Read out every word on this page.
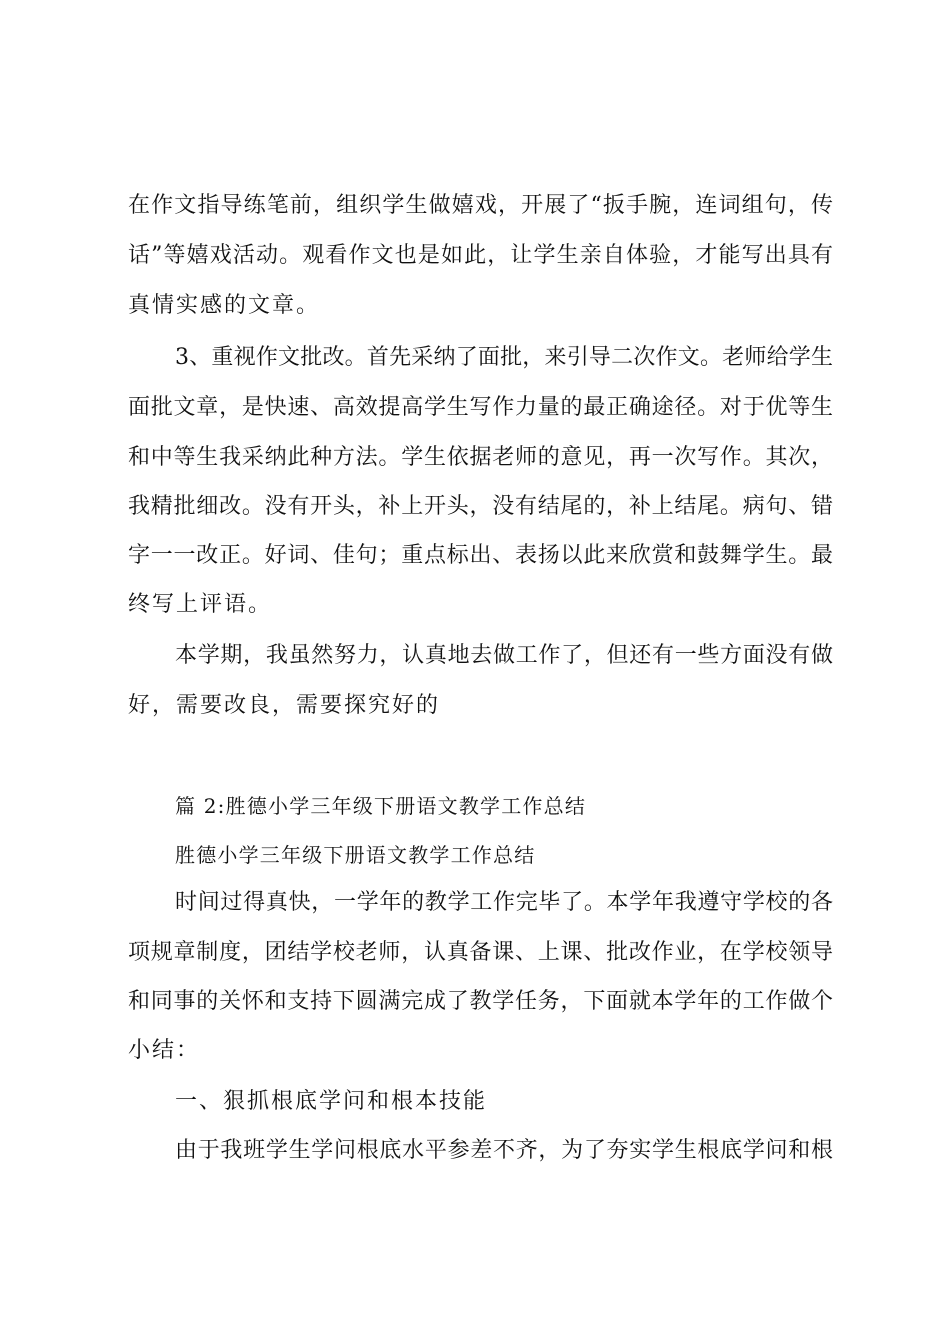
在作文指导练笔前，组织学生做嬉戏，开展了“扳手腕，连词组句，传
话”等嬉戏活动。观看作文也是如此，让学生亲自体验，才能写出具有
真情实感的文章。
3、重视作文批改。首先采纳了面批，来引导二次作文。老师给学生
面批文章，是快速、高效提高学生写作力量的最正确途径。对于优等生
和中等生我采纳此种方法。学生依据老师的意见，再一次写作。其次，
我精批细改。没有开头，补上开头，没有结尾的，补上结尾。病句、错
字一一改正。好词、佳句；重点标出、表扬以此来欣赏和鼓舞学生。最
终写上评语。
本学期，我虽然努力，认真地去做工作了，但还有一些方面没有做
好，需要改良，需要探究好的
篇 2:胜德小学三年级下册语文教学工作总结
胜德小学三年级下册语文教学工作总结
时间过得真快，一学年的教学工作完毕了。本学年我遵守学校的各
项规章制度，团结学校老师，认真备课、上课、批改作业，在学校领导
和同事的关怀和支持下圆满完成了教学任务，下面就本学年的工作做个
小结：
一、狠抓根底学问和根本技能
由于我班学生学问根底水平参差不齐，为了夯实学生根底学问和根
